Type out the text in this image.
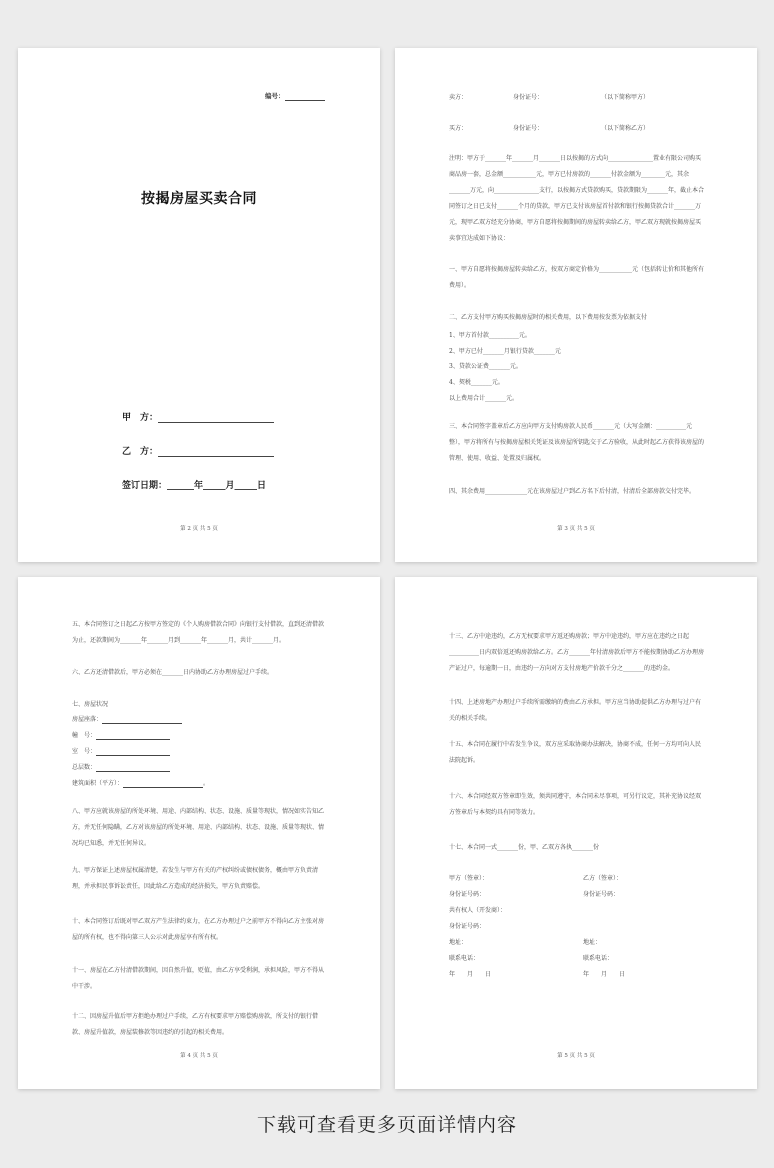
编号：
按揭房屋买卖合同
甲　方：
乙　方：
签订日期：______年_____月_____日
第 2 页 共 5 页
卖方：	身份证号：	（以下简称甲方）
买方：	身份证号：	（以下简称乙方）
注明：甲方于_______年_______月_______日以按揭的方式向_______________置业有限公司购买商品房一套，总金额___________元，甲方已付房款的_______付款金额为________元，其余_______万元，向_______________支行，以按揭方式贷款购买，贷款期限为_______年，截止本合同签订之日已支付_______个月的贷款，甲方已支付该房屋首付款和银行按揭贷款合计_______万元，现甲乙双方经充分协商，甲方自愿将按揭期间的房屋转卖给乙方，甲乙双方现就按揭房屋买卖事宜达成如下协议：
一、甲方自愿将按揭房屋转卖给乙方，按双方商定价格为___________元（包括转让价和其他所有费用）。
二、乙方支付甲方购买按揭房屋时的相关费用，以下费用按发票为依据支付
1、甲方首付款__________元。
2、甲方已付_______月银行贷款_______元
3、贷款公证费_______元。
4、契税_______元。
以上费用合计_______元。
三、本合同签字盖章后乙方应向甲方支付购房款人民币_______元（大写金额：__________元整），甲方将所有与按揭房屋相关凭证及该房屋所钥匙交于乙方验收，从此时起乙方获得该房屋的管理、使用、收益、处置及归属权。
四、其余费用______________元在该房屋过户到乙方名下后付清，付清后全部房款交付完毕。
第 3 页 共 5 页
五、本合同签订之日起乙方按甲方签定的《个人购房借款合同》向银行支付借款，直到还清借款为止，还款期间为_______年_______月到_______年_______月，共计_______月。
六、乙方还清借款后，甲方必须在_______日内协助乙方办理房屋过户手续。
七、房屋状况
房屋座落：
幢　号：
室　号：
总层数：
建筑面积（平方）：	。
八、甲方应就该房屋的所处环境、用途、内部结构、状态、设施、质量等现状，情况如实告知乙方，并无任何隐瞒，乙方对该房屋的所处环境、用途、内部结构、状态、设施、质量等现状、情况均已知悉，并无任何异议。
九、甲方保证上述房屋权属清楚，若发生与甲方有关的产权纠纷或债权债务，概由甲方负责清理，并承担民事诉讼责任，因此给乙方造成的经济损失，甲方负责赔偿。
十、本合同签订后既对甲乙双方产生法律约束力，在乙方办理过户之前甲方不得向乙方主张对房屋的所有权，也不得向第三人公示对此房屋享有所有权。
十一、房屋在乙方付清借款期间，因自然升值，贬值，由乙方享受利润，承担风险，甲方不得从中干涉。
十二、因房屋升值后甲方拒绝办理过户手续，乙方有权要求甲方赔偿购房款，所支付的银行借款、房屋升值款，房屋装修款等因违约的引起的相关费用。
第 4 页 共 5 页
十三、乙方中途违约，乙方无权要求甲方返还购房款；甲方中途违约，甲方应在违约之日起__________日内双倍返还购房款给乙方。乙方_______年付清房款后甲方不能按期协助乙方办理房产证过户，每逾期一日，由违约一方向对方支付房地产价款千分之_______的违约金。
十四、上述房地产办理过户手续所需缴纳的费由乙方承担。甲方应当协助提供乙方办理与过户有关的相关手续。
十五、本合同在履行中若发生争议，双方应采取协商办法解决，协商不成，任何一方均可向人民法院起诉。
十六、本合同经双方签章即生效，须共同遵守，本合同未尽事项，可另行议定，其补充协议经双方签章后与本契约具有同等效力。
十七、本合同一式_______份，甲、乙双方各执_______份
甲方（签章）：	乙方（签章）：
身份证号码：	身份证号码：
共有权人（开发商）：
身份证号码：
地址：	地址：
联系电话：	联系电话：
年　　月　　日	年　　月　　日
第 5 页 共 5 页
下载可查看更多页面详情内容
